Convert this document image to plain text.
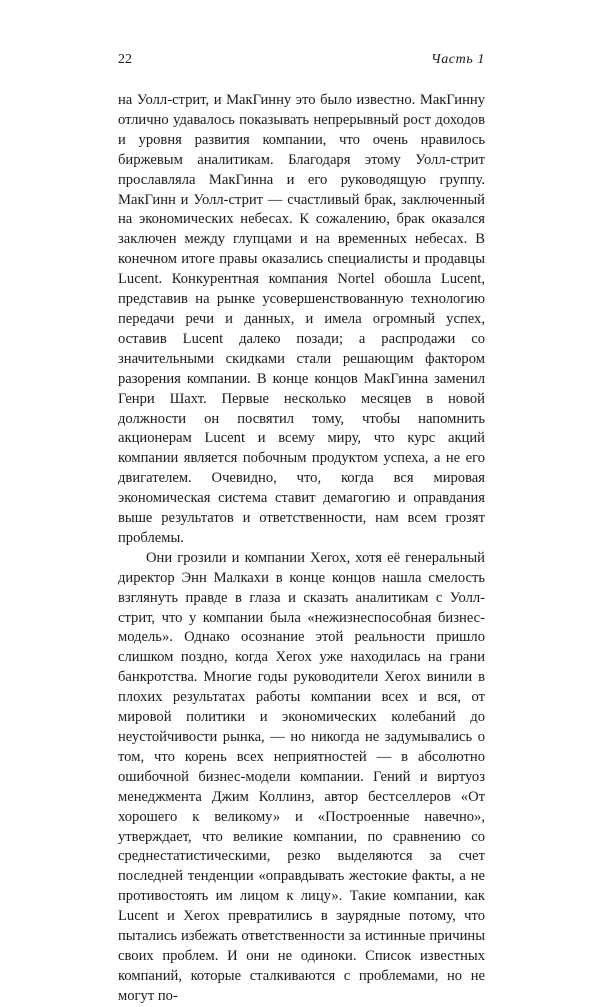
22	Часть 1

на Уолл-стрит, и МакГинну это было известно. МакГинну отлично удавалось показывать непрерывный рост доходов и уровня развития компании, что очень нравилось биржевым аналитикам. Благодаря этому Уолл-стрит прославляла МакГинна и его руководящую группу. МакГинн и Уолл-стрит — счастливый брак, заключенный на экономических небесах. К сожалению, брак оказался заключен между глупцами и на временных небесах. В конечном итоге правы оказались специалисты и продавцы Lucent. Конкурентная компания Nortel обошла Lucent, представив на рынке усовершенствованную технологию передачи речи и данных, и имела огромный успех, оставив Lucent далеко позади; а распродажи со значительными скидками стали решающим фактором разорения компании. В конце концов МакГинна заменил Генри Шахт. Первые несколько месяцев в новой должности он посвятил тому, чтобы напомнить акционерам Lucent и всему миру, что курс акций компании является побочным продуктом успеха, а не его двигателем. Очевидно, что, когда вся мировая экономическая система ставит демагогию и оправдания выше результатов и ответственности, нам всем грозят проблемы.

Они грозили и компании Xerox, хотя её генеральный директор Энн Малкахи в конце концов нашла смелость взглянуть правде в глаза и сказать аналитикам с Уолл-стрит, что у компании была «нежизнеспособная бизнес-модель». Однако осознание этой реальности пришло слишком поздно, когда Xerox уже находилась на грани банкротства. Многие годы руководители Xerox винили в плохих результатах работы компании всех и вся, от мировой политики и экономических колебаний до неустойчивости рынка, — но никогда не задумывались о том, что корень всех неприятностей — в абсолютно ошибочной бизнес-модели компании. Гений и виртуоз менеджмента Джим Коллинз, автор бестселлеров «От хорошего к великому» и «Построенные навечно», утверждает, что великие компании, по сравнению со среднестатистическими, резко выделяются за счет последней тенденции «оправдывать жестокие факты, а не противостоять им лицом к лицу». Такие компании, как Lucent и Xerox превратились в заурядные потому, что пытались избежать ответственности за истинные причины своих проблем. И они не одиноки. Список известных компаний, которые сталкиваются с проблемами, но не могут по-
